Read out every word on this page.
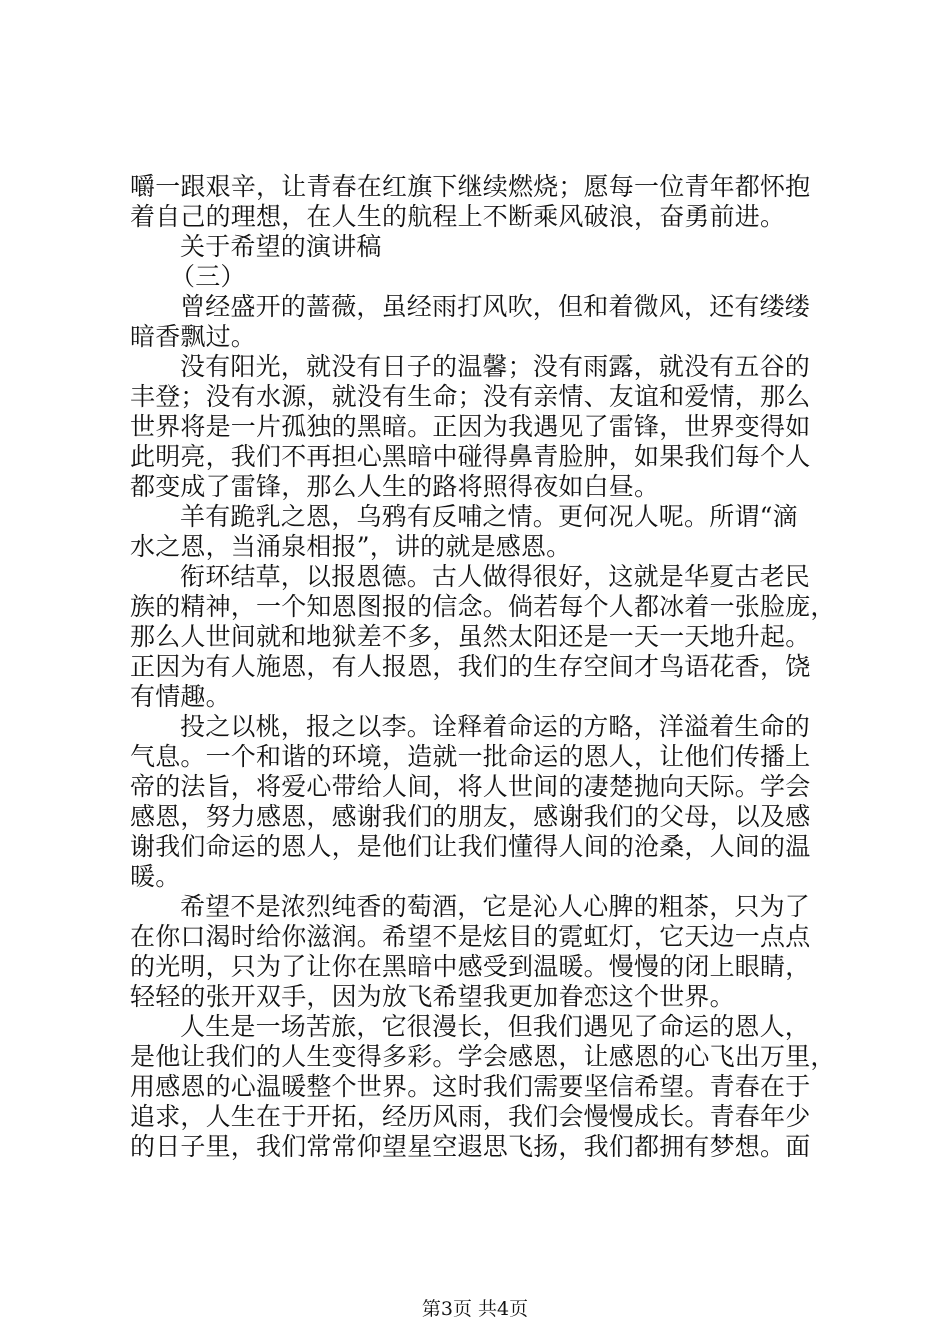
嚼一跟艰辛，让青春在红旗下继续燃烧；愿每一位青年都怀抱
着自己的理想，在人生的航程上不断乘风破浪，奋勇前进。
关于希望的演讲稿
（三）
曾经盛开的蔷薇，虽经雨打风吹，但和着微风，还有缕缕
暗香飘过。
没有阳光，就没有日子的温馨；没有雨露，就没有五谷的
丰登；没有水源，就没有生命；没有亲情、友谊和爱情，那么
世界将是一片孤独的黑暗。正因为我遇见了雷锋，世界变得如
此明亮，我们不再担心黑暗中碰得鼻青脸肿，如果我们每个人
都变成了雷锋，那么人生的路将照得夜如白昼。
羊有跪乳之恩，乌鸦有反哺之情。更何况人呢。所谓“滴
水之恩，当涌泉相报”，讲的就是感恩。
衔环结草，以报恩德。古人做得很好，这就是华夏古老民
族的精神，一个知恩图报的信念。倘若每个人都冰着一张脸庞，
那么人世间就和地狱差不多，虽然太阳还是一天一天地升起。
正因为有人施恩，有人报恩，我们的生存空间才鸟语花香，饶
有情趣。
投之以桃，报之以李。诠释着命运的方略，洋溢着生命的
气息。一个和谐的环境，造就一批命运的恩人，让他们传播上
帝的法旨，将爱心带给人间，将人世间的凄楚抛向天际。学会
感恩，努力感恩，感谢我们的朋友，感谢我们的父母，以及感
谢我们命运的恩人，是他们让我们懂得人间的沧桑，人间的温
暖。
希望不是浓烈纯香的萄酒，它是沁人心脾的粗茶，只为了
在你口渴时给你滋润。希望不是炫目的霓虹灯，它天边一点点
的光明，只为了让你在黑暗中感受到温暖。慢慢的闭上眼睛，
轻轻的张开双手，因为放飞希望我更加眷恋这个世界。
人生是一场苦旅，它很漫长，但我们遇见了命运的恩人，
是他让我们的人生变得多彩。学会感恩，让感恩的心飞出万里，
用感恩的心温暖整个世界。这时我们需要坚信希望。青春在于
追求，人生在于开拓，经历风雨，我们会慢慢成长。青春年少
的日子里，我们常常仰望星空遐思飞扬，我们都拥有梦想。面
第3页 共4页
